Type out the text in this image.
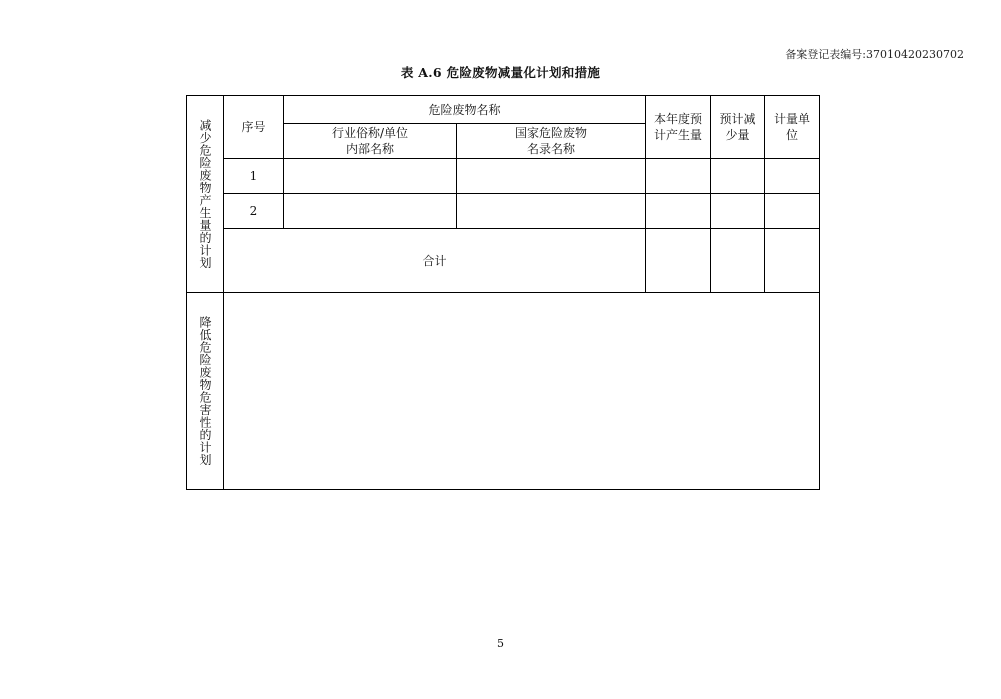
备案登记表编号:37010420230702
表 A.6 危险废物减量化计划和措施
减少危险废物产生量的计划	序号	危险废物名称		本年度预计产生量	预计减少量	计量单位

		行业俗称/单位内部名称	国家危险废物名录名称			

	1					
	2					
	合计					

降低危险废物危害性的计划						

5
